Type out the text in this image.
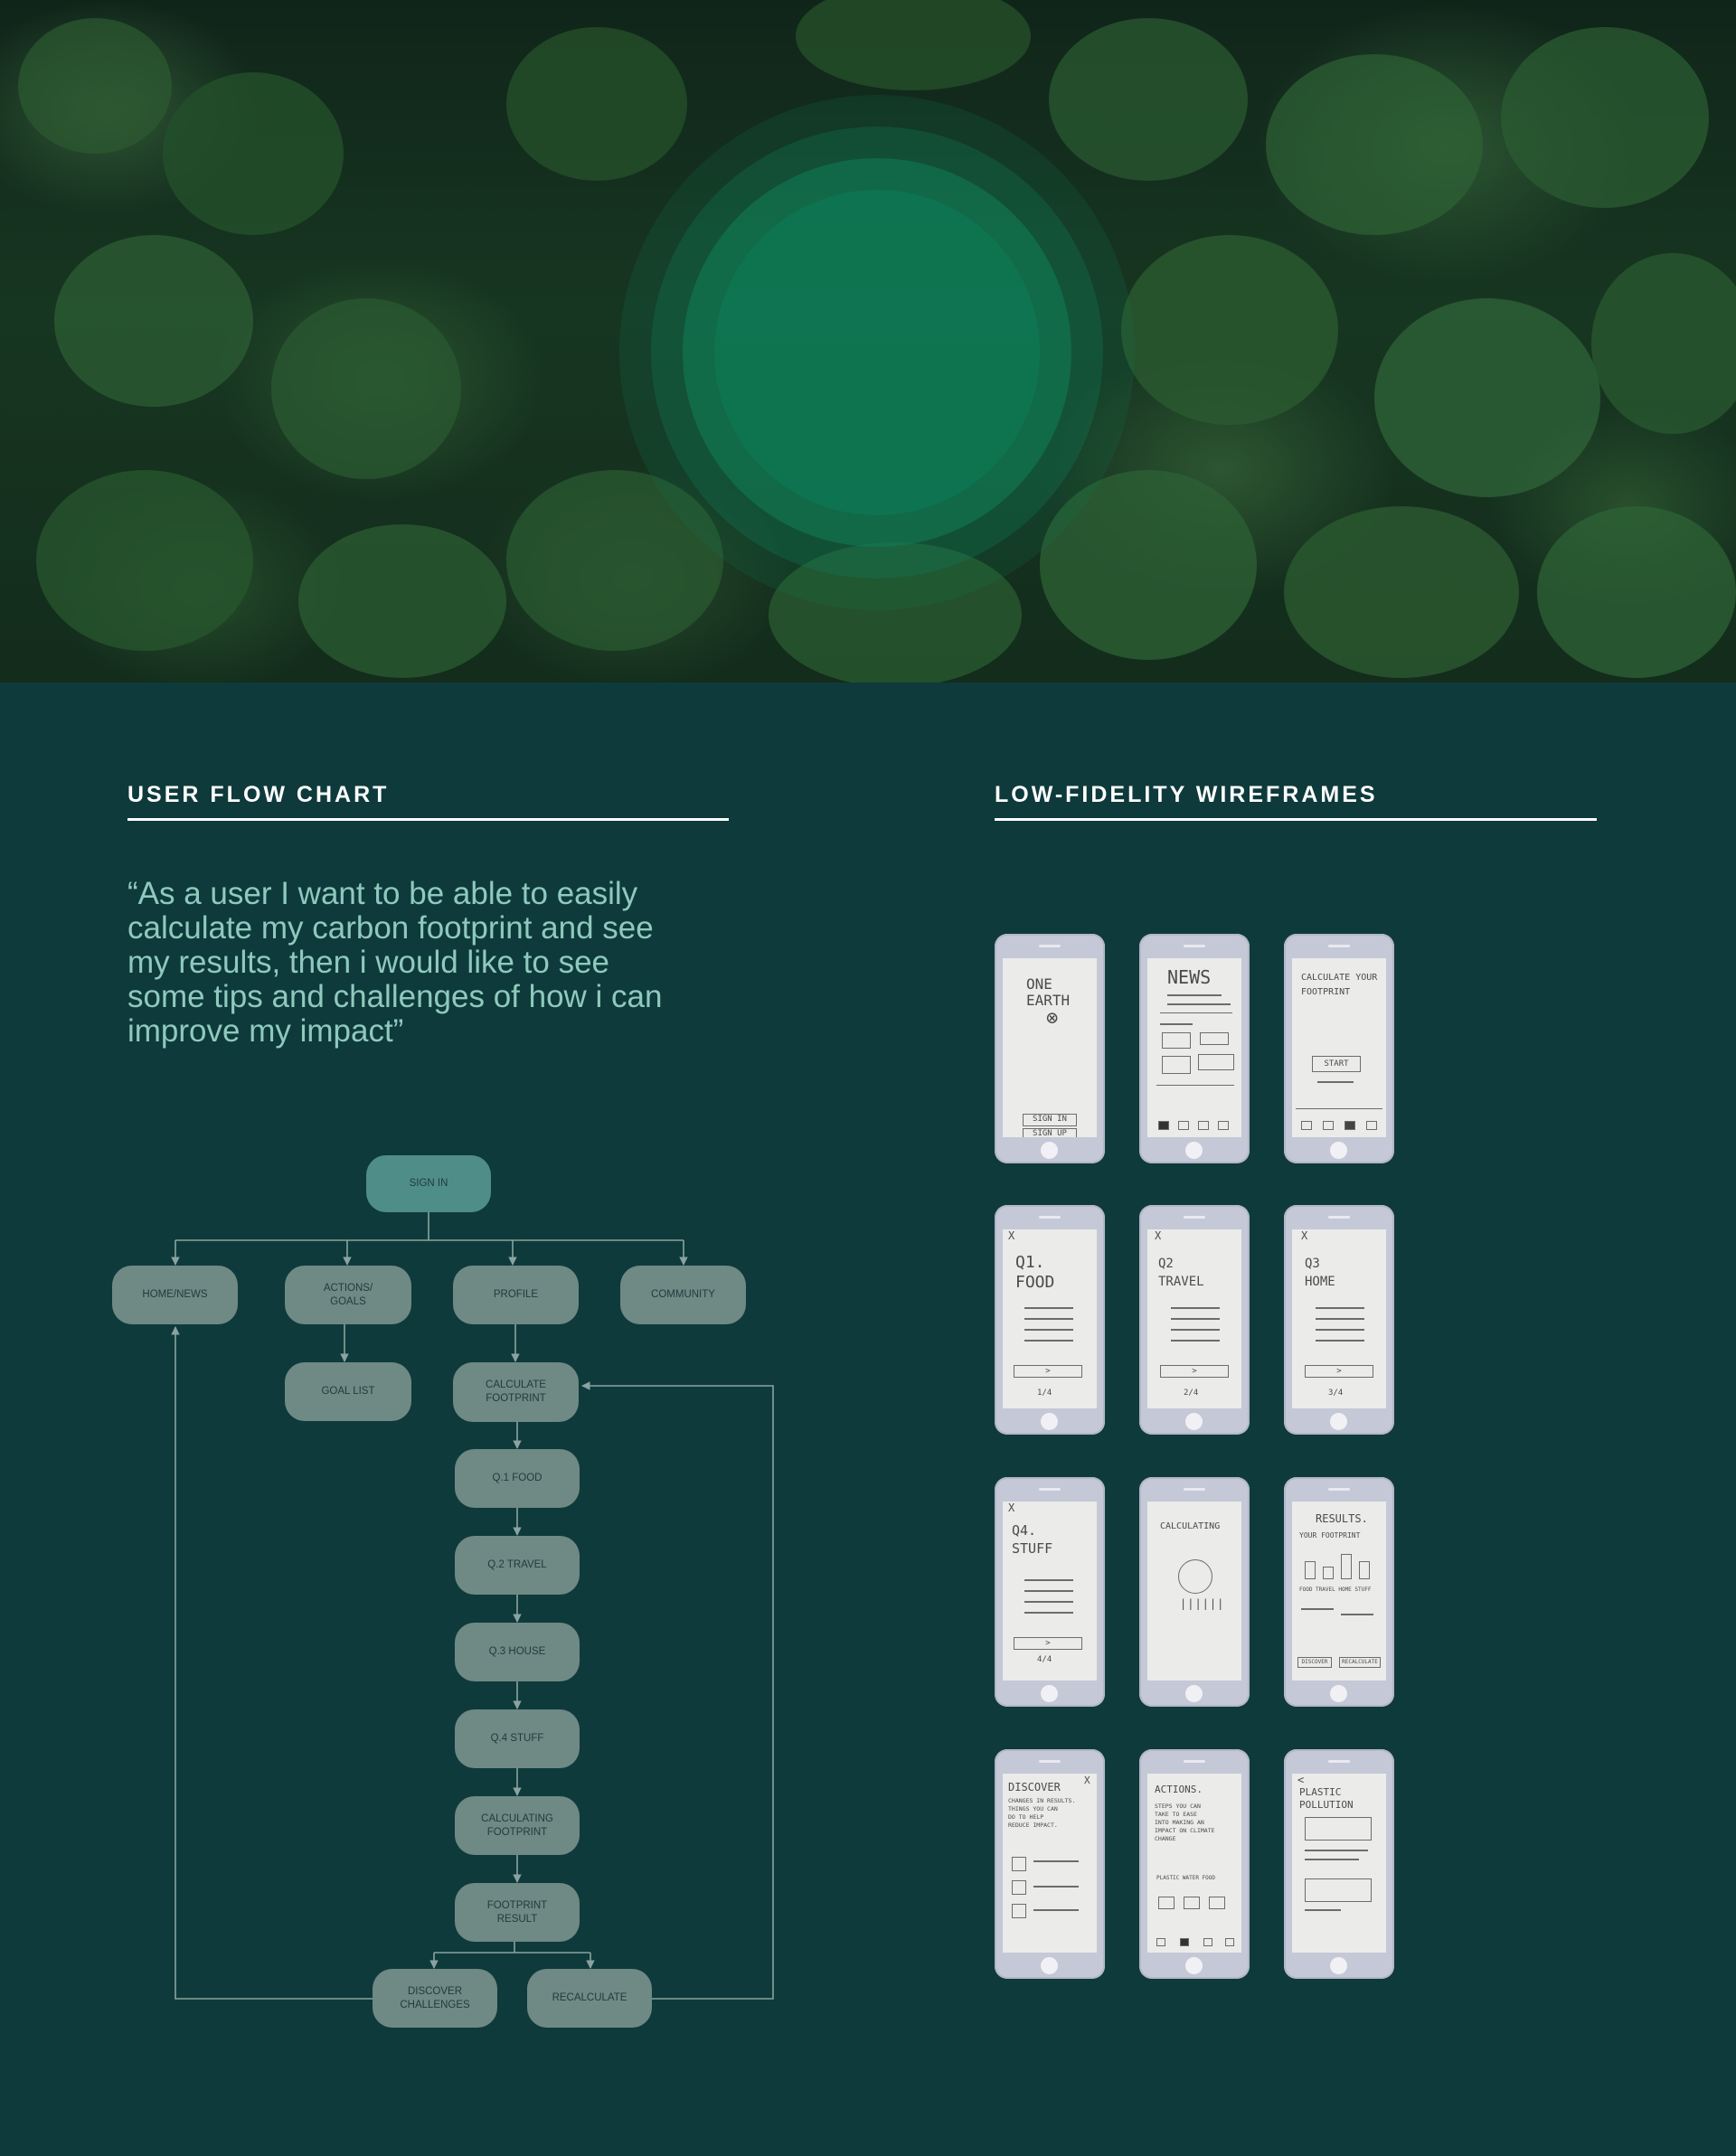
USER FLOW CHART	LOW-FIDELITY WIREFRAMES
“As a user I want to be able to easily calculate my carbon footprint and see my results, then i would like to see some tips and challenges of how i can improve my impact”
SIGN IN
HOME/NEWS
ACTIONS/
GOALS
PROFILE	COMMUNITY
GOAL LIST
CALCULATE
FOOTPRINT
Q.1 FOOD
Q.2 TRAVEL
Q.3 HOUSE
Q.4 STUFF
CALCULATING
FOOTPRINT
FOOTPRINT
RESULT
DISCOVER
CHALLENGES
RECALCULATE
ONE
EARTH
⊗
SIGN IN
SIGN UP
NEWS	CALCULATE YOUR
FOOTPRINT
START
X
Q1.
FOOD
>
1/4
X
Q2
TRAVEL
>
2/4
X
Q3
HOME
>
3/4
X
Q4.
STUFF
>
4/4
CALCULATING
||||||
RESULTS.
YOUR FOOTPRINT
FOOD TRAVEL HOME STUFF
DISCOVER	RECALCULATE
X
DISCOVER
CHANGES IN RESULTS.
THINGS YOU CAN
DO TO HELP
REDUCE IMPACT.
ACTIONS.
STEPS YOU CAN
TAKE TO EASE
INTO MAKING AN
IMPACT ON CLIMATE
CHANGE
PLASTIC WATER FOOD
<
PLASTIC
POLLUTION
